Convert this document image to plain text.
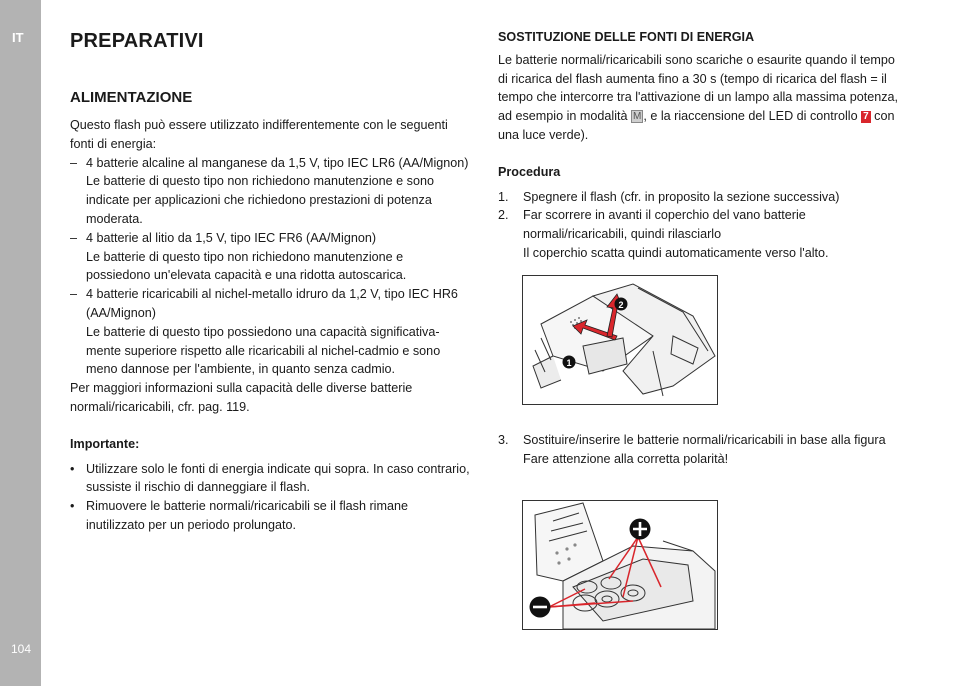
IT
104
PREPARATIVI
ALIMENTAZIONE

Questo flash può essere utilizzato indifferentemente con le seguenti fonti di energia:

– 4 batterie alcaline al manganese da 1,5 V, tipo IEC LR6 (AA/Mignon)
Le batterie di questo tipo non richiedono manutenzione e sono indicate per applicazioni che richiedono prestazioni di potenza moderata.
– 4 batterie al litio da 1,5 V, tipo IEC FR6 (AA/Mignon)
Le batterie di questo tipo non richiedono manutenzione e possiedono un'elevata capacità e una ridotta autoscarica.
– 4 batterie ricaricabili al nichel-metallo idruro da 1,2 V, tipo IEC HR6 (AA/Mignon)
Le batterie di questo tipo possiedono una capacità significativamente superiore rispetto alle ricaricabili al nichel-cadmio e sono meno dannose per l'ambiente, in quanto senza cadmio.

Per maggiori informazioni sulla capacità delle diverse batterie normali/ricaricabili, cfr. pag. 119.

Importante:
• Utilizzare solo le fonti di energia indicate qui sopra. In caso contrario, sussiste il rischio di danneggiare il flash.
• Rimuovere le batterie normali/ricaricabili se il flash rimane inutilizzato per un periodo prolungato.
SOSTITUZIONE DELLE FONTI DI ENERGIA

Le batterie normali/ricaricabili sono scariche o esaurite quando il tempo di ricarica del flash aumenta fino a 30 s (tempo di ricarica del flash = il tempo che intercorre tra l'attivazione di un lampo alla massima potenza, ad esempio in modalità M , e la riaccensione del LED di controllo 7 con una luce verde).

Procedura
1. Spegnere il flash (cfr. in proposito la sezione successiva)
2. Far scorrere in avanti il coperchio del vano batterie normali/ricaricabili, quindi rilasciarlo
Il coperchio scatta quindi automaticamente verso l'alto.
3. Sostituire/inserire le batterie normali/ricaricabili in base alla figura
Fare attenzione alla corretta polarità!
1
2
